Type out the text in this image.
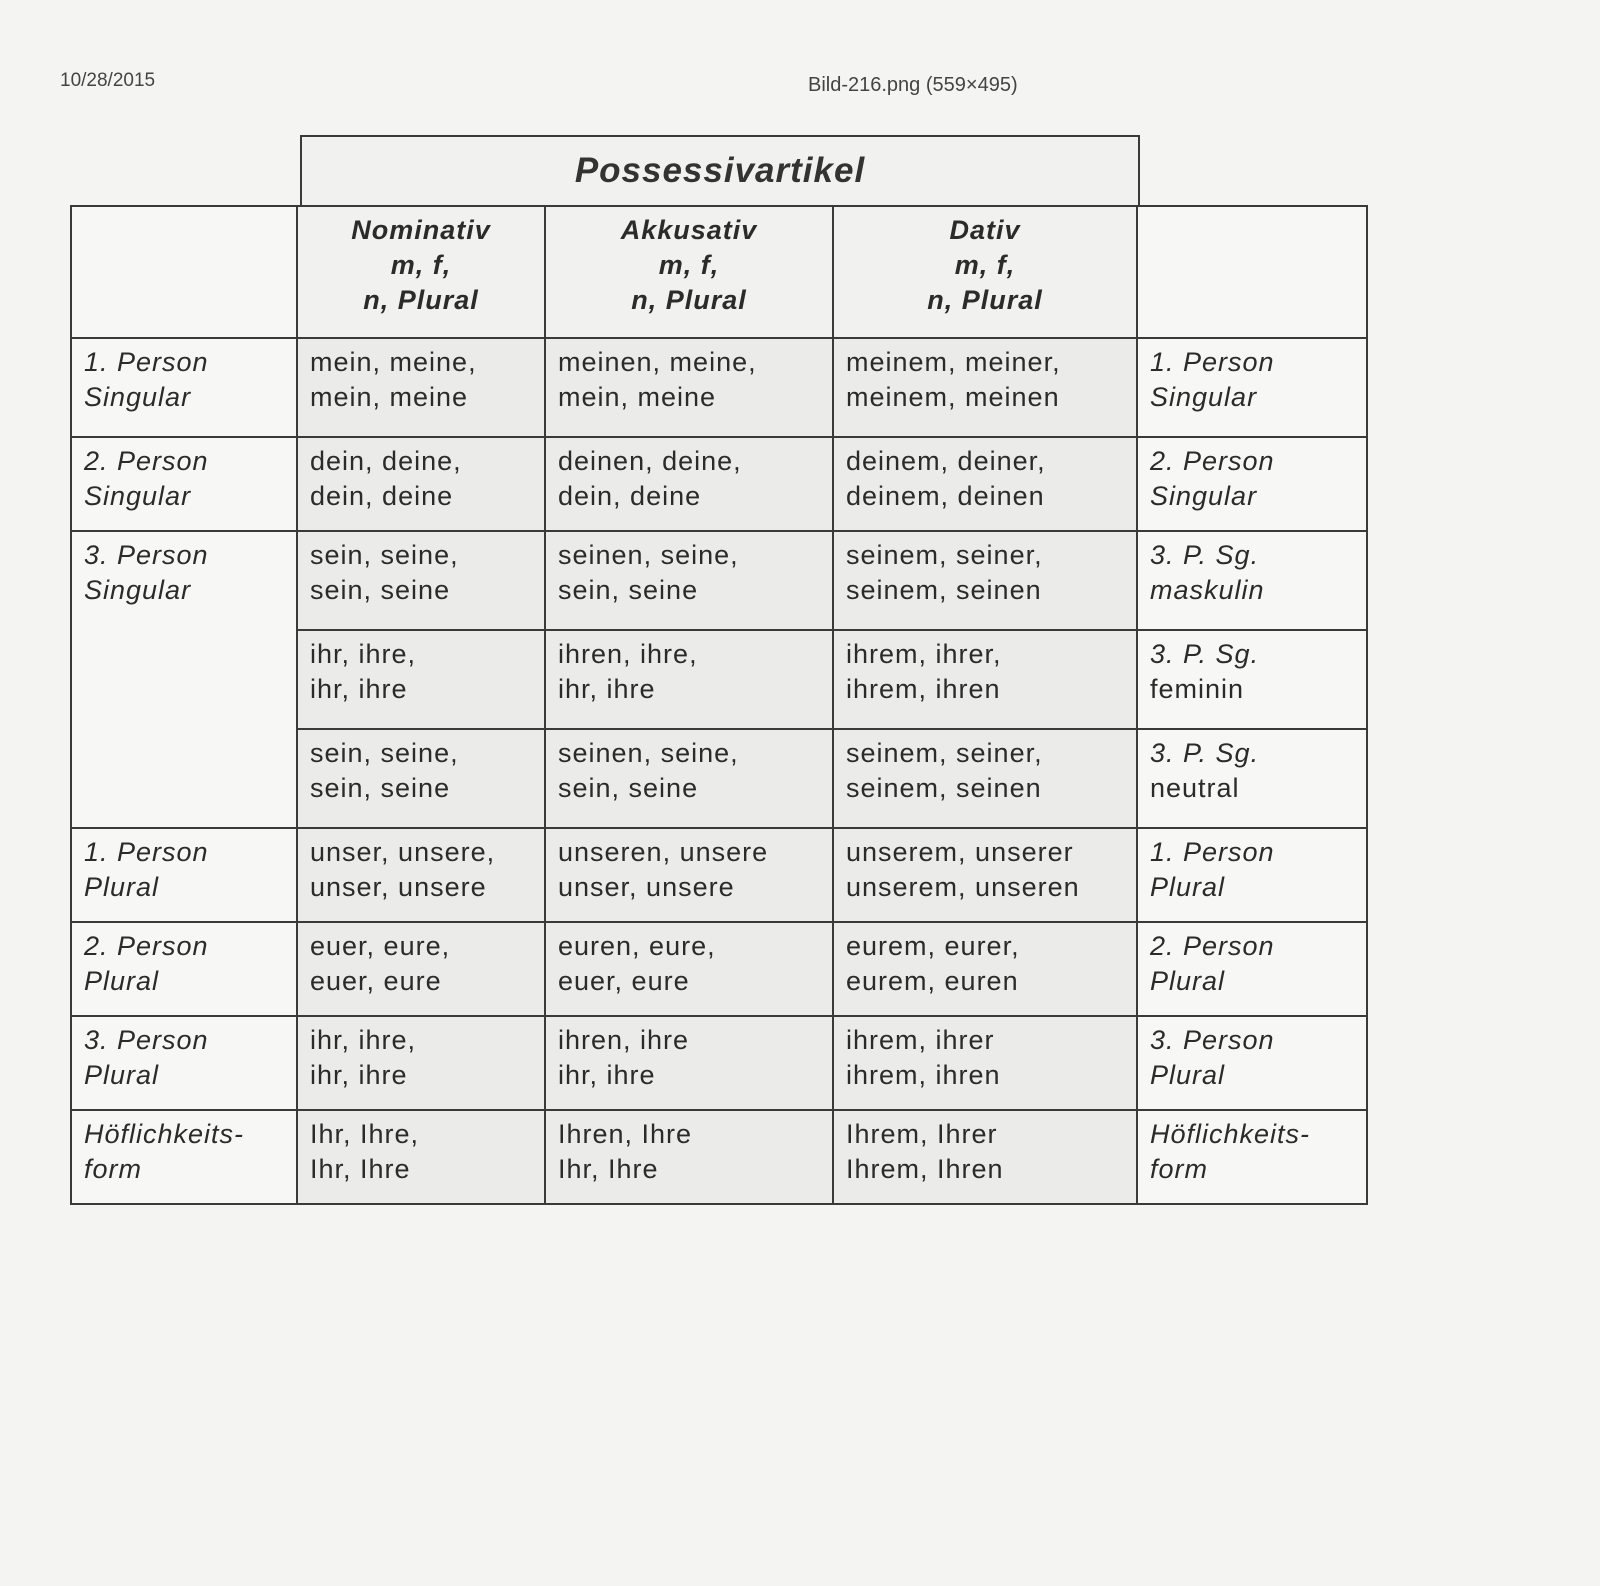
10/28/2015	Bild-216.png (559×495)
Possessivartikel

	Nominativ
m, f,
n, Plural	Akkusativ
m, f,
n, Plural	Dativ
m, f,
n, Plural	

1. Person
Singular	mein, meine,
mein, meine	meinen, meine,
mein, meine	meinem, meiner,
meinem, meinen	1. Person
Singular

2. Person
Singular	dein, deine,
dein, deine	deinen, deine,
dein, deine	deinem, deiner,
deinem, deinen	2. Person
Singular

3. Person
Singular	sein, seine,
sein, seine	seinen, seine,
sein, seine	seinem, seiner,
seinem, seinen	3. P. Sg.
maskulin

	ihr, ihre,
ihr, ihre	ihren, ihre,
ihr, ihre	ihrem, ihrer,
ihrem, ihren	3. P. Sg.
feminin

	sein, seine,
sein, seine	seinen, seine,
sein, seine	seinem, seiner,
seinem, seinen	3. P. Sg.
neutral

1. Person
Plural	unser, unsere,
unser, unsere	unseren, unsere
unser, unsere	unserem, unserer
unserem, unseren	1. Person
Plural

2. Person
Plural	euer, eure,
euer, eure	euren, eure,
euer, eure	eurem, eurer,
eurem, euren	2. Person
Plural

3. Person
Plural	ihr, ihre,
ihr, ihre	ihren, ihre
ihr, ihre	ihrem, ihrer
ihrem, ihren	3. Person
Plural

Höflichkeits-
form	Ihr, Ihre,
Ihr, Ihre	Ihren, Ihre
Ihr, Ihre	Ihrem, Ihrer
Ihrem, Ihren	Höflichkeits-
form
